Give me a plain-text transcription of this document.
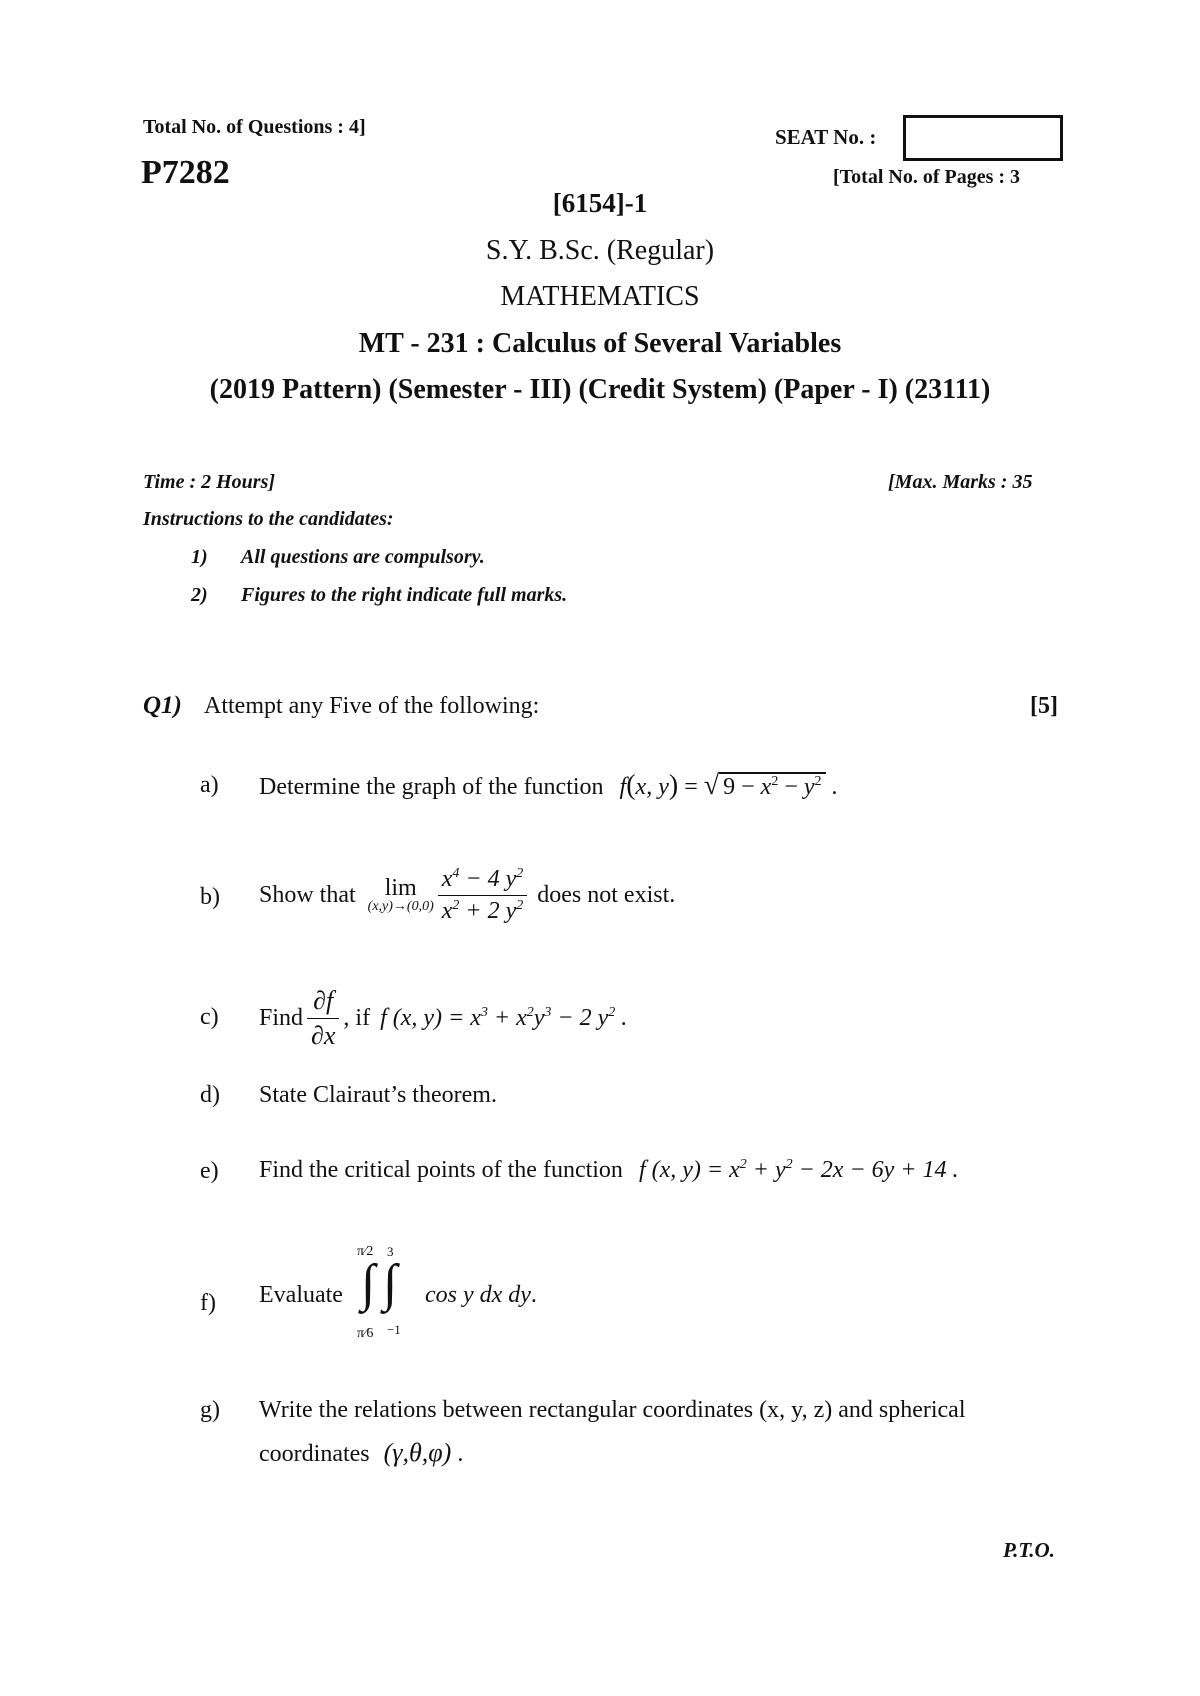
Total No. of Questions : 4]	SEAT No. :
P7282	[Total No. of Pages : 3
[6154]-1
S.Y. B.Sc. (Regular)
MATHEMATICS
MT - 231 : Calculus of Several Variables
(2019 Pattern) (Semester - III) (Credit System) (Paper - I) (23111)
Time : 2 Hours]	[Max. Marks : 35
Instructions to the candidates:
1) All questions are compulsory.
2) Figures to the right indicate full marks.
Q1) Attempt any Five of the following:	[5]
a) Determine the graph of the function f(x, y) = √ $9 - x^2 - y^2$ .
b) Show that	lim
$(x,y)\to(0,0) \frac{x^4 - 4 y^2}{x^2 + 2 y^2}$ does not exist.
c) Find $\frac{\partial f}{\partial x}$ , if f (x, $y) = x^3 + x^2y^3 - 2$ $y^2$ .
d) State Clairaut’s theorem.
e) Find the critical points of the function f (x, $y) = x^2 + y^2 - 2x - 6y + 14$ .
f) Evaluate
π⁄2 3
∫ ∫
π⁄6 −1
cos y dx dy .
g) Write the relations between rectangular coordinates (x, y, z) and spherical
coordinates (γ,θ,φ) .
P.T.O.
